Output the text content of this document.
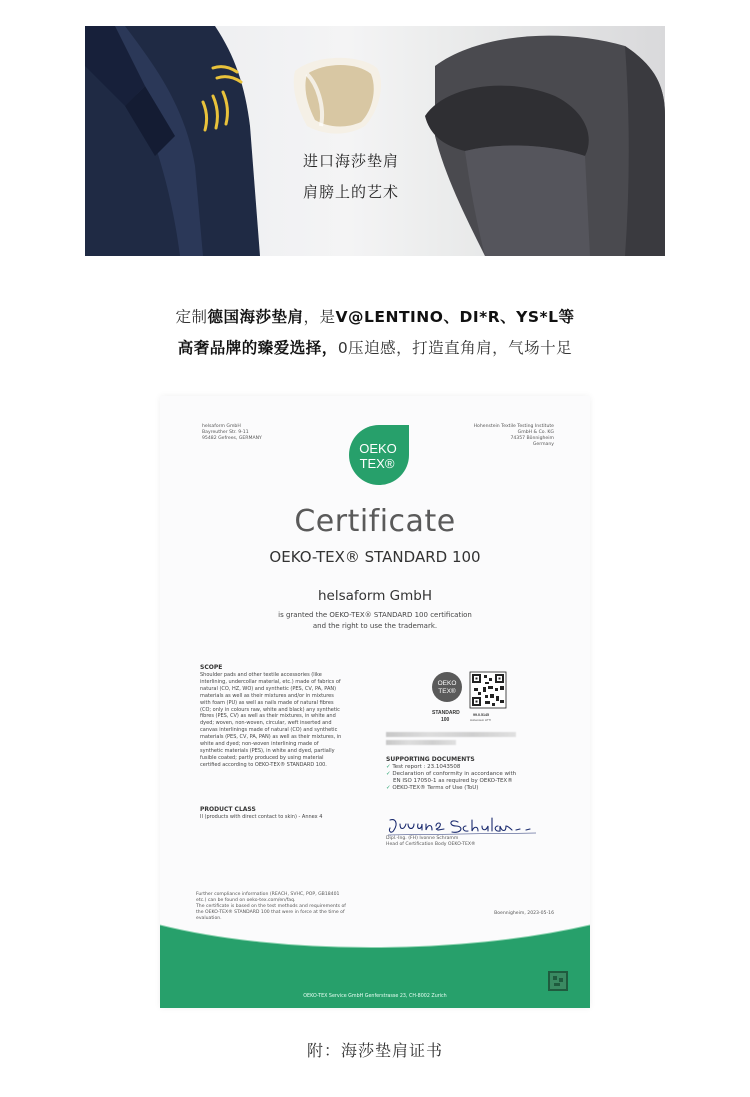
进口海莎垫肩
肩膀上的艺术
定制德国海莎垫肩，是V@LENTINO、DI*R、YS*L等
高奢品牌的臻爱选择，0压迫感，打造直角肩，气场十足
helsaform GmbH
Bayreuther Str. 9-11
95482 Gefrees, GERMANY
Hohenstein Textile Testing Institute
GmbH & Co. KG
74357 Bönnigheim
Germany
OEKO
TEX®
Certificate
OEKO-TEX® STANDARD 100
helsaform GmbH
is granted the OEKO-TEX® STANDARD 100 certification
and the right to use the trademark.
SCOPE
Shoulder pads and other textile accessories (like
interlining, undercollar material, etc.) made of fabrics of
natural (CO, HZ, WO) and synthetic (PES, CV, PA, PAN)
materials as well as their mixtures and/or in mixtures
with foam (PU) as well as nails made of natural fibres
(CO; only in colours raw, white and black) any synthetic
fibres (PES, CV) as well as their mixtures, in white and
dyed; woven, non-woven, circular, weft inserted and
canvas interlinings made of natural (CO) and synthetic
materials (PES, CV, PA, PAN) as well as their mixtures, in
white and dyed; non-woven interlining made of
synthetic materials (PES), in white and dyed, partially
fusible coated; partly produced by using material
certified according to OEKO-TEX® STANDARD 100.
PRODUCT CLASS
II (products with direct contact to skin) - Annex 4
OEKO
TEX®
STANDARD
100
99.0.5145
Hohenstein HTTI
SUPPORTING DOCUMENTS
✓ Test report : 23.1043508
✓ Declaration of conformity in accordance with
EN ISO 17050-1 as required by OEKO-TEX®
✓ OEKO-TEX® Terms of Use (ToU)
Dipl.-Ing. (FH) Ivonne Schramm
Head of Certification Body OEKO-TEX®
Further compliance information (REACH, SVHC, POP, GB18401
etc.) can be found on oeko-tex.com/en/faq.
The certificate is based on the test methods and requirements of
the OEKO-TEX® STANDARD 100 that were in force at the time of
evaluation.
Boennigheim, 2023-05-16
OEKO-TEX Service GmbH Genferstrasse 23, CH-8002 Zurich
附：海莎垫肩证书
